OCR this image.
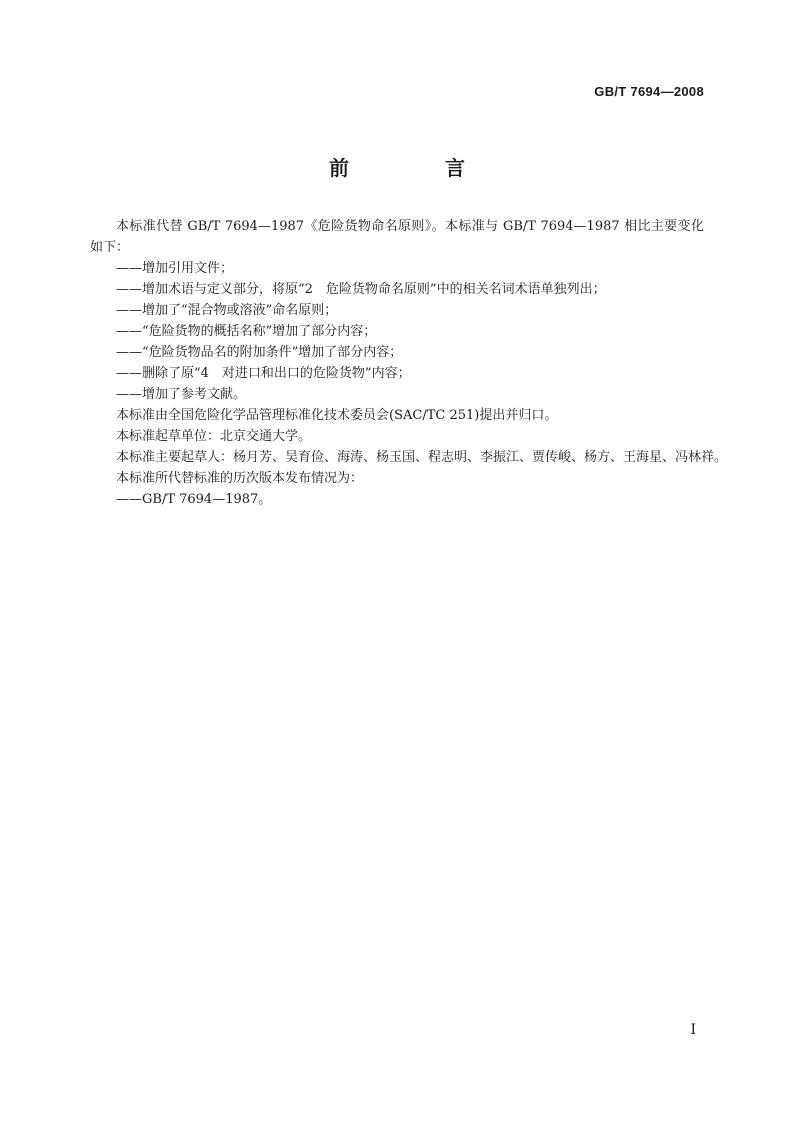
GB/T 7694—2008
前　言

本标准代替 GB/T 7694—1987《危险货物命名原则》。本标准与 GB/T 7694—1987 相比主要变化如下：

——增加引用文件；

——增加术语与定义部分，将原“2　危险货物命名原则”中的相关名词术语单独列出；

——增加了“混合物或溶液”命名原则；

——“危险货物的概括名称”增加了部分内容；

——“危险货物品名的附加条件”增加了部分内容；

——删除了原“4　对进口和出口的危险货物”内容；

——增加了参考文献。

本标准由全国危险化学品管理标准化技术委员会(SAC/TC 251)提出并归口。

本标准起草单位：北京交通大学。

本标准主要起草人：杨月芳、吴育俭、海涛、杨玉国、程志明、李振江、贾传峻、杨方、王海星、冯林祥。

本标准所代替标准的历次版本发布情况为：

——GB/T 7694—1987。

I
